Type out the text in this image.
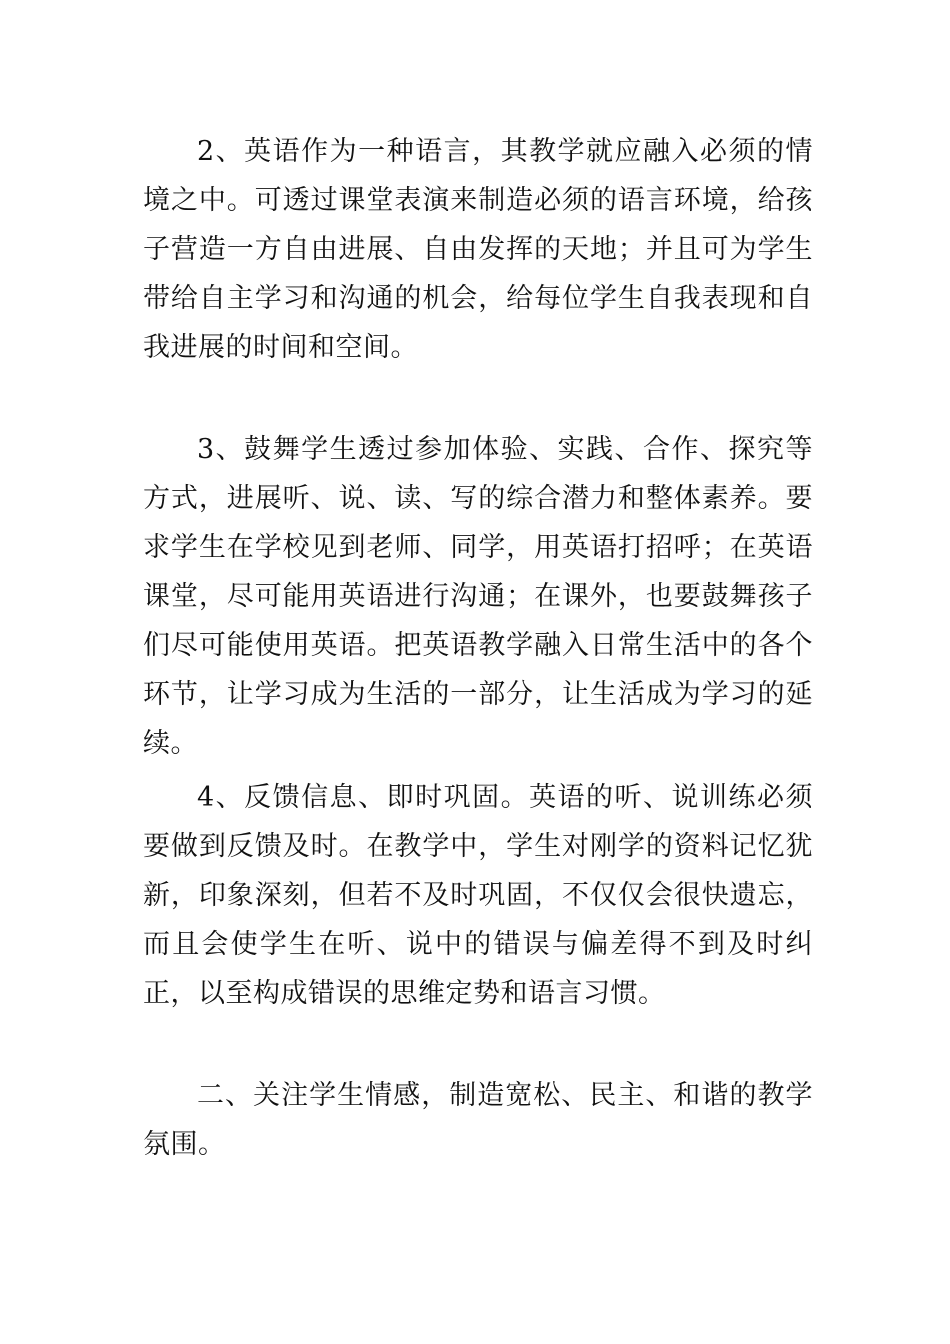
2、英语作为一种语言，其教学就应融入必须的情境之中。可透过课堂表演来制造必须的语言环境，给孩子营造一方自由进展、自由发挥的天地；并且可为学生带给自主学习和沟通的机会，给每位学生自我表现和自我进展的时间和空间。

3、鼓舞学生透过参加体验、实践、合作、探究等方式，进展听、说、读、写的综合潜力和整体素养。要求学生在学校见到老师、同学，用英语打招呼；在英语课堂，尽可能用英语进行沟通；在课外，也要鼓舞孩子们尽可能使用英语。把英语教学融入日常生活中的各个环节，让学习成为生活的一部分，让生活成为学习的延续。

4、反馈信息、即时巩固。英语的听、说训练必须要做到反馈及时。在教学中，学生对刚学的资料记忆犹新，印象深刻，但若不及时巩固，不仅仅会很快遗忘，而且会使学生在听、说中的错误与偏差得不到及时纠正，以至构成错误的思维定势和语言习惯。

二、关注学生情感，制造宽松、民主、和谐的教学氛围。
